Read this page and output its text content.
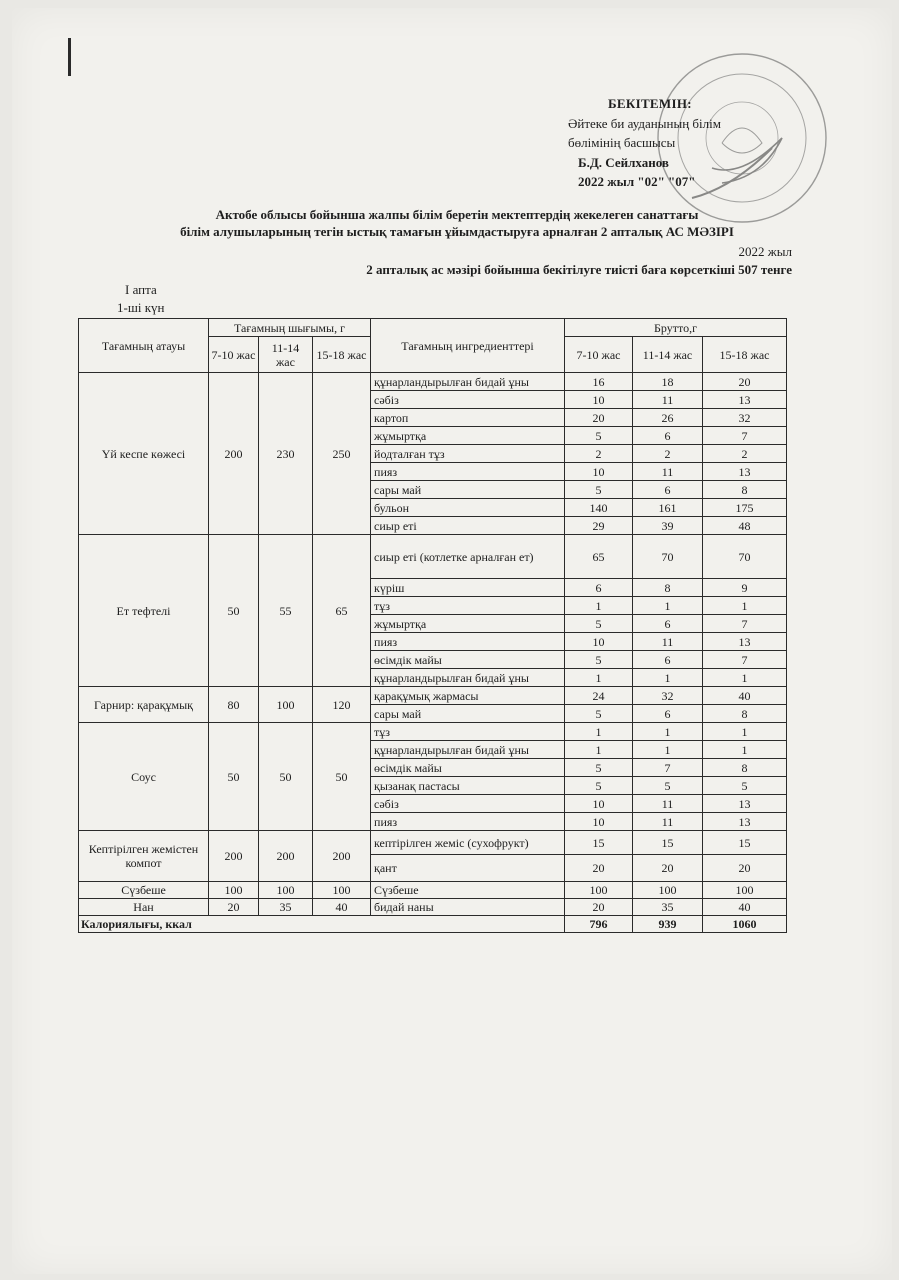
БЕКІТЕМІН:
Әйтеке би ауданының білім
бөлімінің басшысы
Б.Д. Сейлханов
2022 жыл "02" "07"
Актобе облысы бойынша жалпы білім беретін мектептердің жекелеген санаттағы
білім алушыларының тегін ыстық тамағын ұйымдастыруға арналған 2 апталық АС МӘЗІРІ
2022 жыл
2 апталық ас мәзірі бойынша бекітілуге тиісті баға көрсеткіші 507 тенге
I апта
1-ші күн
Тағамның атауы	Тағамның шығымы, г			Тағамның ингредиенттері	Брутто,г		
	7-10 жас	11-14 жас	15-18 жас		7-10 жас	11-14 жас	15-18 жас
Үй кеспе көжесі	200	230	250	құнарландырылған бидай ұны	16	18	20
				сәбіз	10	11	13
				картоп	20	26	32
				жұмыртқа	5	6	7
				йодталған тұз	2	2	2
				пияз	10	11	13
				сары май	5	6	8
				бульон	140	161	175
				сиыр еті	29	39	48
Ет тефтелі	50	55	65	сиыр еті (котлетке арналған ет)	65	70	70
				күріш	6	8	9
				тұз	1	1	1
				жұмыртқа	5	6	7
				пияз	10	11	13
				өсімдік майы	5	6	7
				құнарландырылған бидай ұны	1	1	1
Гарнир: қарақұмық	80	100	120	қарақұмық жармасы	24	32	40
				сары май	5	6	8
Соус	50	50	50	тұз	1	1	1
				құнарландырылған бидай ұны	1	1	1
				өсімдік майы	5	7	8
				қызанақ пастасы	5	5	5
				сәбіз	10	11	13
				пияз	10	11	13
Кептірілген жемістен компот	200	200	200	кептірілген жеміс (сухофрукт)	15	15	15
				қант	20	20	20
Сүзбеше	100	100	100	Сүзбеше	100	100	100
Нан	20	35	40	бидай наны	20	35	40
Калориялығы, ккал					796	939	1060
